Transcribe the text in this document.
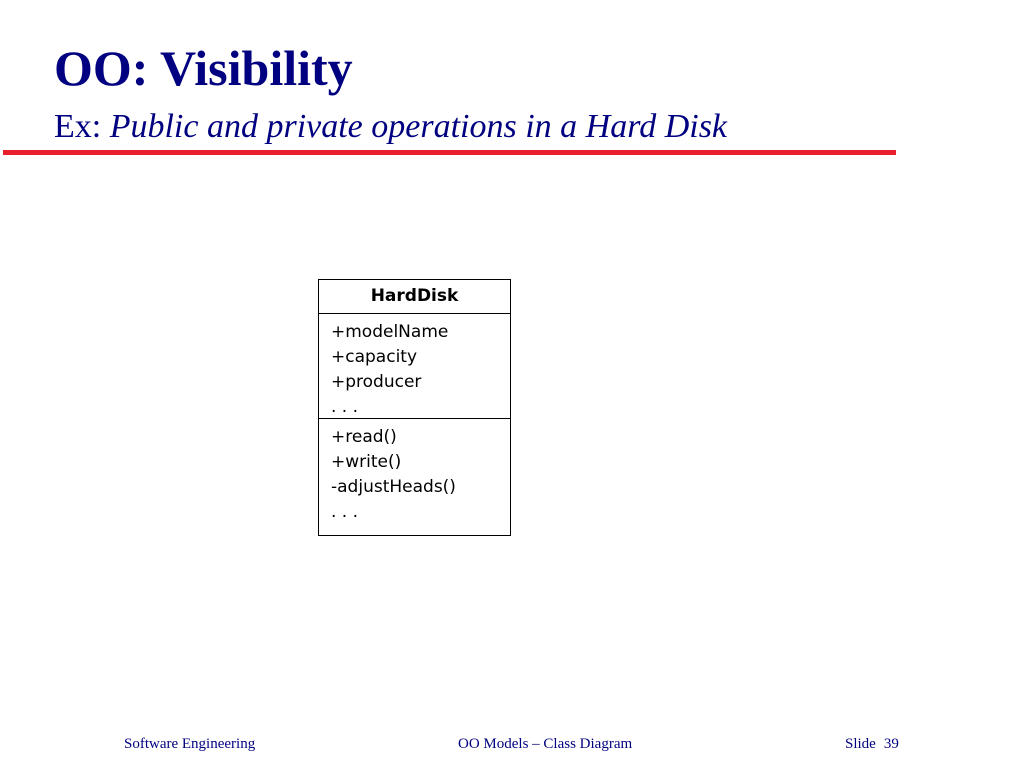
OO: Visibility
Ex: Public and private operations in a Hard Disk
HardDisk
+modelName
+capacity
+producer
. . .
+read()
+write()
-adjustHeads()
. . .
Software Engineering	OO Models – Class Diagram	Slide 39
